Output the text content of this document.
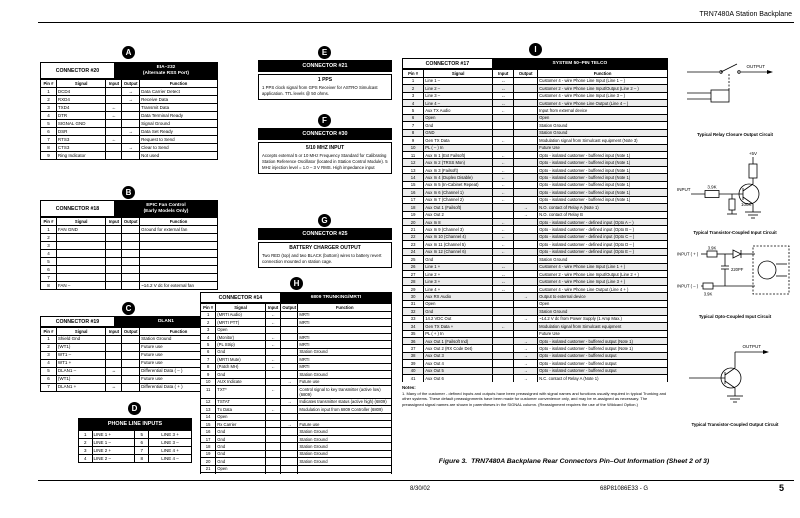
TRN7480A Station Backplane
A
B
C
D
E
F
G
H
I
CONNECTOR #20
EIA–232
(Alternate RSS Port)
Pin #	Signal	Input	Output	Function
1	DCD4		→	Data Carrier Detect
2	RXD4		→	Receive Data
3	TXD4	←		Transmit Data
4	DTR	←		Data Terminal Ready
5	SIGNAL GND			Signal Ground
6	DSR		→	Data Set Ready
7	RTS3	←		Request to Send
8	CTS3		→	Clear to Send
9	Ring Indicator			Not used
CONNECTOR #18
EPIC Fan Control
(Early Models Only)
Pin #	Signal	Input	Output	Function
1	FAN GND			Ground for external fan
2				
3				
4				
5				
6				
7				
8	FAN –			~14.2 V dc for external fan
CONNECTOR #19	DLAN1
Pin #	Signal	Input	Output	Function
1	Shield Gnd			Station Ground
2	(WT1)			Future use
3	WT1 –			Future use
4	WT1 +			Future use
5	DLAN1 –	↔		Differential Data ( – )
6	(WT1)			Future use
7	DLAN1 +	↔		Differential Data ( + )
PHONE LINE INPUTS
1	LINE 1 +	5	LINE 3 +
2	LINE 1 –	6	LINE 3 –
3	LINE 2 +	7	LINE 4 +
4	LINE 2 –	8	LINE 4 –
CONNECTOR #21
1 PPS
1 PPS clock signal from GPS Receiver for ASTRO Simulcast application. TTL levels @ 50 ohms.
CONNECTOR #30
5/10 MHZ INPUT
Accepts external 5 or 10 MHz Frequency Standard for Calibrating Station Reference Oscillator (located in Station Control Module). 5 MHz injection level = 1.0 – 3 V RMS. High impedance input
CONNECTOR #25
BATTERY CHARGER OUTPUT
Two RED (top) and two BLACK (bottom) wires to battery revert connection mounted on station cage.
CONNECTOR #14	6809 TRUNKING/MRTI
Pin #	Signal	Input	Output	Function
1	(MRTI Audio)	←		MRTI
2	(MRTI PTT)	←		MRTI
3	Open			
4	(Monitor)	←		MRTI
5	(PL Strip)	←		MRTI
6	Gnd			Station Ground
7	(MRTI Mute)	←		MRTI
8	(Patch MH)	←		MRTI
9	Gnd			Station Ground
10	AUX Indicate		→	Future use
11	TXT*	←		Control signal to key transmitter (active low) (6809)
12	TSTAT		→	Indicates transmitter status (active high) (6809)
13	Tx Data	←		Modulation input from 6809 Controller (6809)
14	Open			
15	Rx Carrier		→	Future use
16	Gnd			Station Ground
17	Gnd			Station Ground
18	Gnd			Station Ground
19	Gnd			Station Ground
20	Gnd			Station Ground
21	Open			

CONNECTOR #17	SYSTEM 50–PIN TELCO
Pin #	Signal	Input	Output	Function
1	Line 1 –	↔		Customer 4 - wire Phone Line Input (Line 1 – )
2	Line 2 –	↔		Customer 2 - wire Phone Line Input/Output (Line 2 – )
3	Line 3 –	↔		Customer 4 - wire Phone Line Input (Line 3 – )
4	Line 4 –	↔		Customer 4 - wire Phone Line Output (Line 4 – )
5	Aux TX Audio	←		Input from external device
6	Open			Open
7	Gnd			Station Ground
8	GND			Station Ground
9	Gen TX Data	←		Modulation signal from Simulcast equipment (Note 3)
10	PL ( – ) In			Future Use
11	Aux In 1 (Ext Failsoft)	←		Opto - isolated customer - buffered input (Note 1)
12	Aux In 2 (TRSS Mon)	←		Opto - isolated customer - buffered input (Note 1)
13	Aux In 3 (Failsoft)	←		Opto - isolated customer - buffered input (Note 1)
14	Aux In 4 (Duplex Disable)	←		Opto - isolated customer - buffered input (Note 1)
15	Aux In 5 (In-Cabinet Repeat)	←		Opto - isolated customer - buffered input (Note 1)
16	Aux In 6 (Channel 1)	←		Opto - isolated customer - buffered input (Note 1)
17	Aux In 7 (Channel 2)	←		Opto - isolated customer - buffered input (Note 1)
18	Aux Out 1 (Failsoft)		→	N.O. contact of Relay A (Note 1)
19	Aux Out 2		→	N.O. contact of Relay B
20	Aux In 8	←		Opto - isolated customer - defined input (Opto A – )
21	Aux In 9 (Channel 3)	←		Opto - isolated customer - defined input (Opto B – )
22	Aux In 10 (Channel 4)	←		Opto - isolated customer - defined input (Opto C – )
23	Aux In 11 (Channel 5)	←		Opto - isolated customer - defined input (Opto D – )
24	Aux In 12 (Channel 6)	←		Opto - isolated customer - defined input (Opto E – )
25	Gnd			Station Ground
26	Line 1 +	↔		Customer 4 - wire Phone Line Input (Line 1 + )
27	Line 2 +	↔		Customer 2 - wire Phone Line Input/Output (Line 2 + )
28	Line 3 +	↔		Customer 4 - wire Phone Line Input (Line 3 + )
29	Line 4 +	↔		Customer 4 - wire Phone Line Output (Line 4 + )
30	Aux RX Audio		→	Output to external device
31	Open			Open
32	Gnd			Station Ground
33	14.2 VDC Out		→	~14.2 V dc from Power Supply (1 Amp Max.)
34	Gen TX Data +	←		Modulation signal from Simulcast equipment
35	PL ( + ) In			Future Use
36	Aux Out 1 (Failsoft Ind)		→	Opto - isolated customer - buffered output (Note 1)
37	Aux Out 2 (RX Code Det)		→	Opto - isolated customer - buffered output (Note 1)
38	Aux Out 3		→	Opto - isolated customer - buffered output
39	Aux Out 4		→	Opto - isolated customer - buffered output
40	Aux Out 5		→	Opto - isolated customer - buffered output
41	Aux Out 6		→	N.C. contact of Relay A (Note 1)

Notes:
1. Many of the customer - defined inputs and outputs have been preassigned with signal names and functions usually required in typical Trunking and other systems. These default preassignments have been made for customer convenience only, and may be re-assigned as necessary. The preassigned signal names are shown in parentheses in the SIGNAL column. (Reassignment requires the use of the Wildcard Option.)
OUTPUT
Typical Relay Closure Output Circuit
+5V
3.9K
100K
INPUT
Typical Transistor-Coupled Input Circuit
INPUT ( + )
INPUT ( – )
3.9K
3.9K
220PF
Typical Opto-Coupled Input Circuit
OUTPUT
Typical Transistor-Coupled Output Circuit
Figure 3. TRN7480A Backplane Rear Connectors Pin–Out Information (Sheet 2 of 3)
8/30/02	68P81086E33 - G	5
